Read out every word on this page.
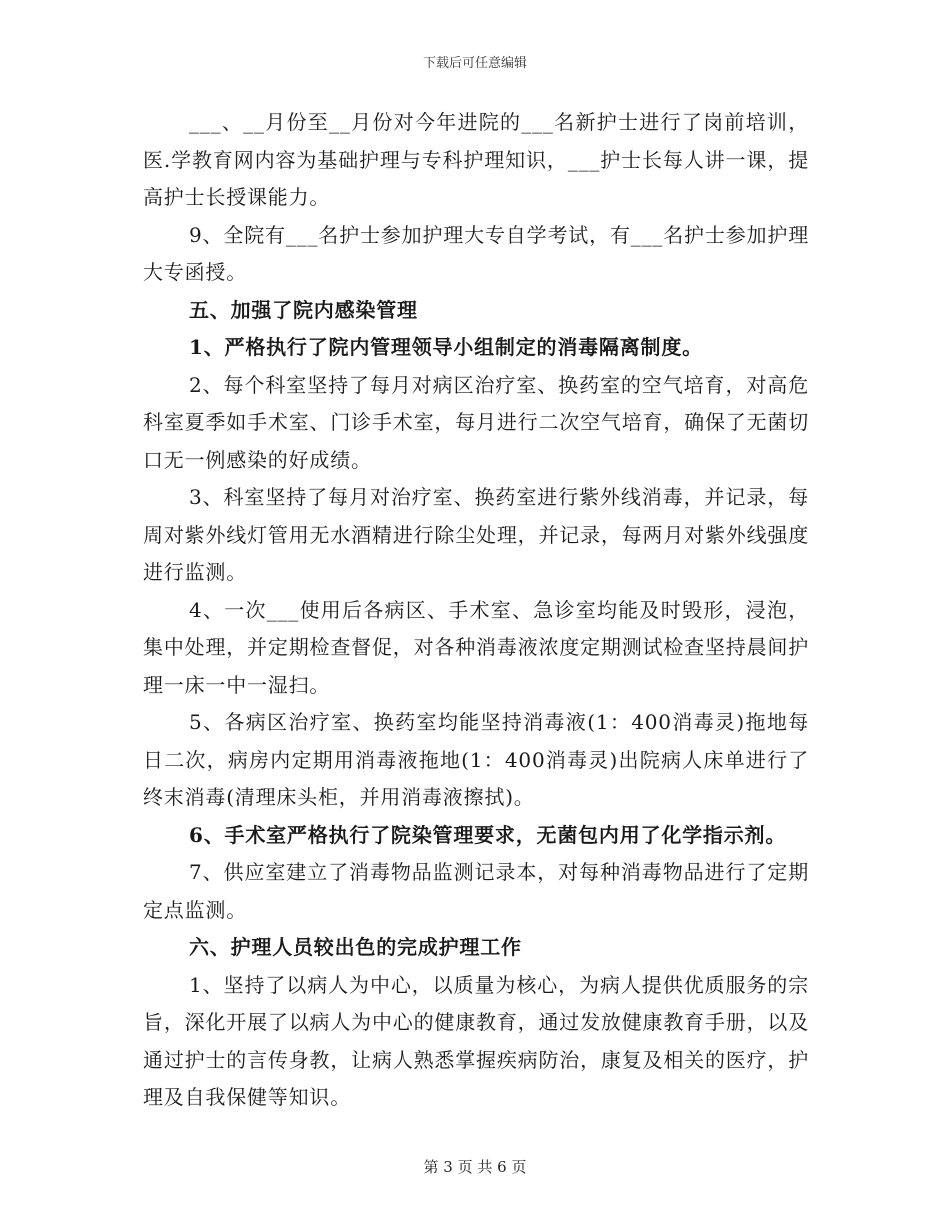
下载后可任意编辑

___、__月份至__月份对今年进院的___名新护士进行了岗前培训，医.学教育网内容为基础护理与专科护理知识，___护士长每人讲一课，提高护士长授课能力。

9、全院有___名护士参加护理大专自学考试，有___名护士参加护理大专函授。

五、加强了院内感染管理

1、严格执行了院内管理领导小组制定的消毒隔离制度。

2、每个科室坚持了每月对病区治疗室、换药室的空气培育，对高危科室夏季如手术室、门诊手术室，每月进行二次空气培育，确保了无菌切口无一例感染的好成绩。

3、科室坚持了每月对治疗室、换药室进行紫外线消毒，并记录，每周对紫外线灯管用无水酒精进行除尘处理，并记录，每两月对紫外线强度进行监测。

4、一次___使用后各病区、手术室、急诊室均能及时毁形，浸泡，集中处理，并定期检查督促，对各种消毒液浓度定期测试检查坚持晨间护理一床一中一湿扫。

5、各病区治疗室、换药室均能坚持消毒液(1：400消毒灵)拖地每日二次，病房内定期用消毒液拖地(1：400消毒灵)出院病人床单进行了终末消毒(清理床头柜，并用消毒液擦拭)。

6、手术室严格执行了院染管理要求，无菌包内用了化学指示剂。

7、供应室建立了消毒物品监测记录本，对每种消毒物品进行了定期定点监测。

六、护理人员较出色的完成护理工作

1、坚持了以病人为中心，以质量为核心，为病人提供优质服务的宗旨，深化开展了以病人为中心的健康教育，通过发放健康教育手册，以及通过护士的言传身教，让病人熟悉掌握疾病防治，康复及相关的医疗，护理及自我保健等知识。

第 3 页 共 6 页
